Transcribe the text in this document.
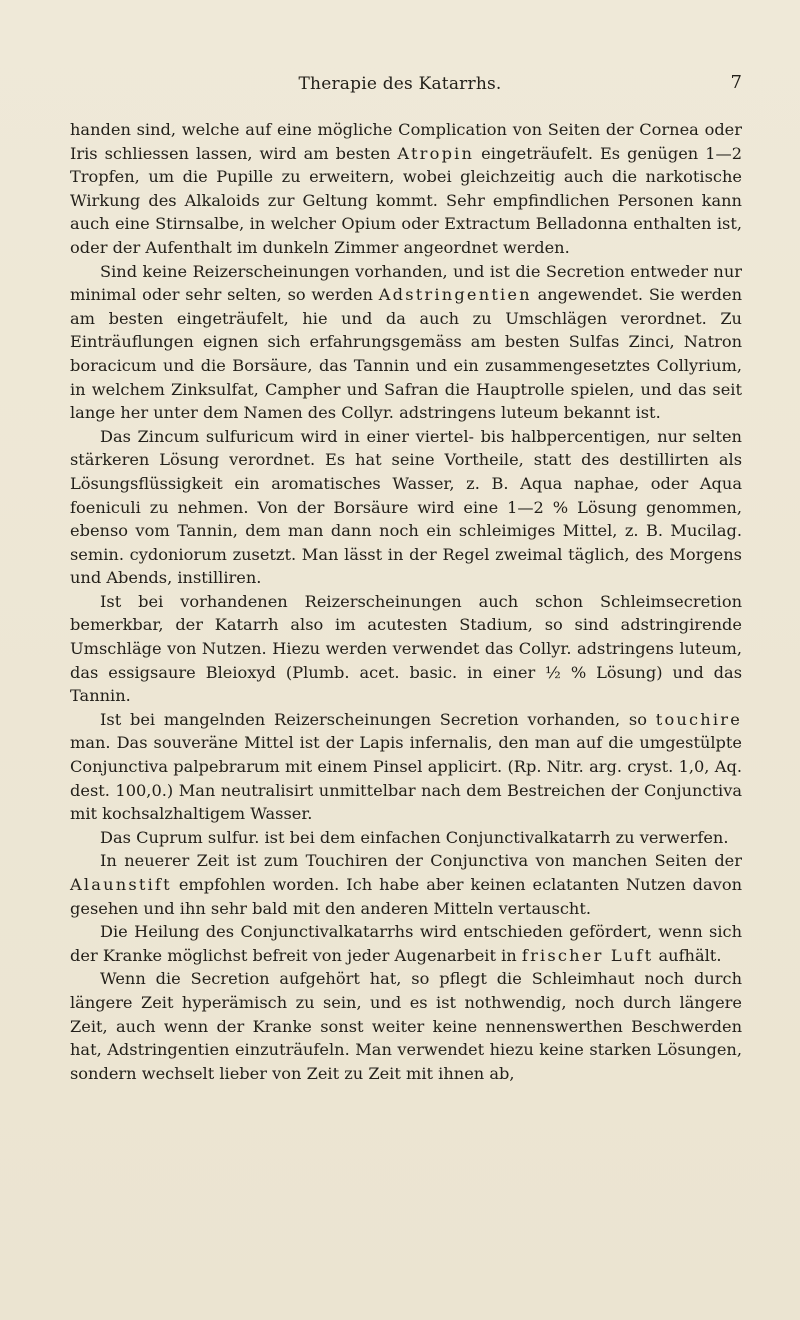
Therapie des Katarrhs.	7

handen sind, welche auf eine mögliche Complication von Seiten der Cornea oder Iris schliessen lassen, wird am besten Atropin eingeträufelt. Es genügen 1—2 Tropfen, um die Pupille zu erweitern, wobei gleichzeitig auch die narkotische Wirkung des Alkaloids zur Geltung kommt. Sehr empfindlichen Personen kann auch eine Stirnsalbe, in welcher Opium oder Extractum Belladonna enthalten ist, oder der Aufenthalt im dunkeln Zimmer angeordnet werden.

Sind keine Reizerscheinungen vorhanden, und ist die Secretion entweder nur minimal oder sehr selten, so werden Adstringentien angewendet. Sie werden am besten eingeträufelt, hie und da auch zu Umschlägen verordnet. Zu Einträuflungen eignen sich erfahrungsgemäss am besten Sulfas Zinci, Natron boracicum und die Borsäure, das Tannin und ein zusammengesetztes Collyrium, in welchem Zinksulfat, Campher und Safran die Hauptrolle spielen, und das seit lange her unter dem Namen des Collyr. adstringens luteum bekannt ist.

Das Zincum sulfuricum wird in einer viertel- bis halbpercentigen, nur selten stärkeren Lösung verordnet. Es hat seine Vortheile, statt des destillirten als Lösungsflüssigkeit ein aromatisches Wasser, z. B. Aqua naphae, oder Aqua foeniculi zu nehmen. Von der Borsäure wird eine 1—2 % Lösung genommen, ebenso vom Tannin, dem man dann noch ein schleimiges Mittel, z. B. Mucilag. semin. cydoniorum zusetzt. Man lässt in der Regel zweimal täglich, des Morgens und Abends, instilliren.

Ist bei vorhandenen Reizerscheinungen auch schon Schleimsecretion bemerkbar, der Katarrh also im acutesten Stadium, so sind adstringirende Umschläge von Nutzen. Hiezu werden verwendet das Collyr. adstringens luteum, das essigsaure Bleioxyd (Plumb. acet. basic. in einer ½ % Lösung) und das Tannin.

Ist bei mangelnden Reizerscheinungen Secretion vorhanden, so touchire man. Das souveräne Mittel ist der Lapis infernalis, den man auf die umgestülpte Conjunctiva palpebrarum mit einem Pinsel applicirt. (Rp. Nitr. arg. cryst. 1,0, Aq. dest. 100,0.) Man neutralisirt unmittelbar nach dem Bestreichen der Conjunctiva mit kochsalzhaltigem Wasser.

Das Cuprum sulfur. ist bei dem einfachen Conjunctivalkatarrh zu verwerfen.

In neuerer Zeit ist zum Touchiren der Conjunctiva von manchen Seiten der Alaunstift empfohlen worden. Ich habe aber keinen eclatanten Nutzen davon gesehen und ihn sehr bald mit den anderen Mitteln vertauscht.

Die Heilung des Conjunctivalkatarrhs wird entschieden gefördert, wenn sich der Kranke möglichst befreit von jeder Augenarbeit in frischer Luft aufhält.

Wenn die Secretion aufgehört hat, so pflegt die Schleimhaut noch durch längere Zeit hyperämisch zu sein, und es ist nothwendig, noch durch längere Zeit, auch wenn der Kranke sonst weiter keine nennenswerthen Beschwerden hat, Adstringentien einzuträufeln. Man verwendet hiezu keine starken Lösungen, sondern wechselt lieber von Zeit zu Zeit mit ihnen ab,
